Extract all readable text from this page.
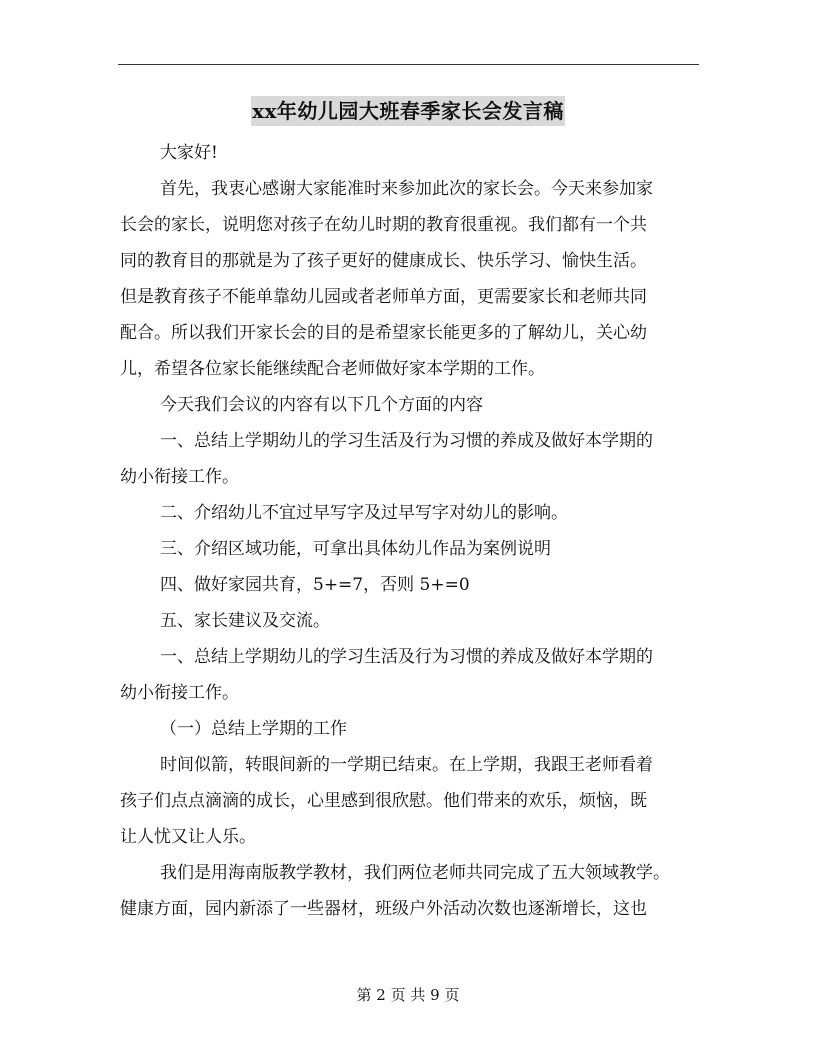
xx年幼儿园大班春季家长会发言稿
大家好!
首先，我衷心感谢大家能准时来参加此次的家长会。今天来参加家
长会的家长，说明您对孩子在幼儿时期的教育很重视。我们都有一个共
同的教育目的那就是为了孩子更好的健康成长、快乐学习、愉快生活。
但是教育孩子不能单靠幼儿园或者老师单方面，更需要家长和老师共同
配合。所以我们开家长会的目的是希望家长能更多的了解幼儿，关心幼
儿，希望各位家长能继续配合老师做好家本学期的工作。
今天我们会议的内容有以下几个方面的内容
一、总结上学期幼儿的学习生活及行为习惯的养成及做好本学期的
幼小衔接工作。
二、介绍幼儿不宜过早写字及过早写字对幼儿的影响。
三、介绍区域功能，可拿出具体幼儿作品为案例说明
四、做好家园共育，5+=7，否则 5+=0
五、家长建议及交流。
一、总结上学期幼儿的学习生活及行为习惯的养成及做好本学期的
幼小衔接工作。
（一）总结上学期的工作
时间似箭，转眼间新的一学期已结束。在上学期，我跟王老师看着
孩子们点点滴滴的成长，心里感到很欣慰。他们带来的欢乐，烦恼，既
让人忧又让人乐。
我们是用海南版教学教材，我们两位老师共同完成了五大领域教学。
健康方面，园内新添了一些器材，班级户外活动次数也逐渐增长，这也
第 2 页 共 9 页
